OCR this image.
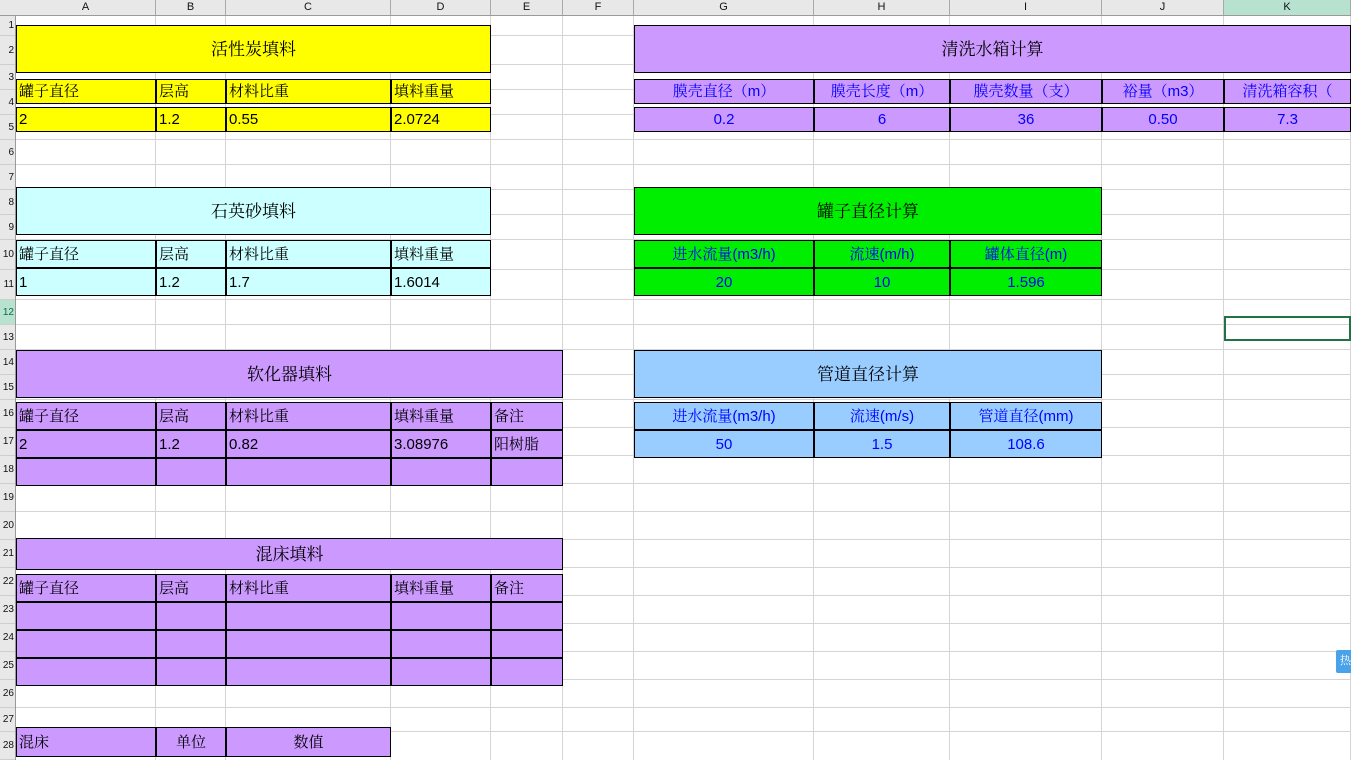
A	B	C	D	E	F	G	H	I	J	K
1
2
3
4
5
6
7
8
9
10
11
12
13
14
15
16
17
18
19
20
21
22
23
24
25
26
27
28
活性炭填料
罐子直径	层高	材料比重	填料重量
2	1.2	0.55	2.0724
石英砂填料
罐子直径	层高	材料比重	填料重量
1	1.2	1.7	1.6014
软化器填料
罐子直径	层高	材料比重	填料重量	备注
2	1.2	0.82	3.08976	阳树脂
混床填料
罐子直径	层高	材料比重	填料重量	备注
混床	单位	数值
清洗水箱计算
膜壳直径（m）	膜壳长度（m）	膜壳数量（支）	裕量（m3）	清洗箱容积（
0.2	6	36	0.50	7.3
罐子直径计算
进水流量(m3/h)	流速(m/h)	罐体直径(m)
20	10	1.596
管道直径计算
进水流量(m3/h)	流速(m/s)	管道直径(mm)
50	1.5	108.6
热
